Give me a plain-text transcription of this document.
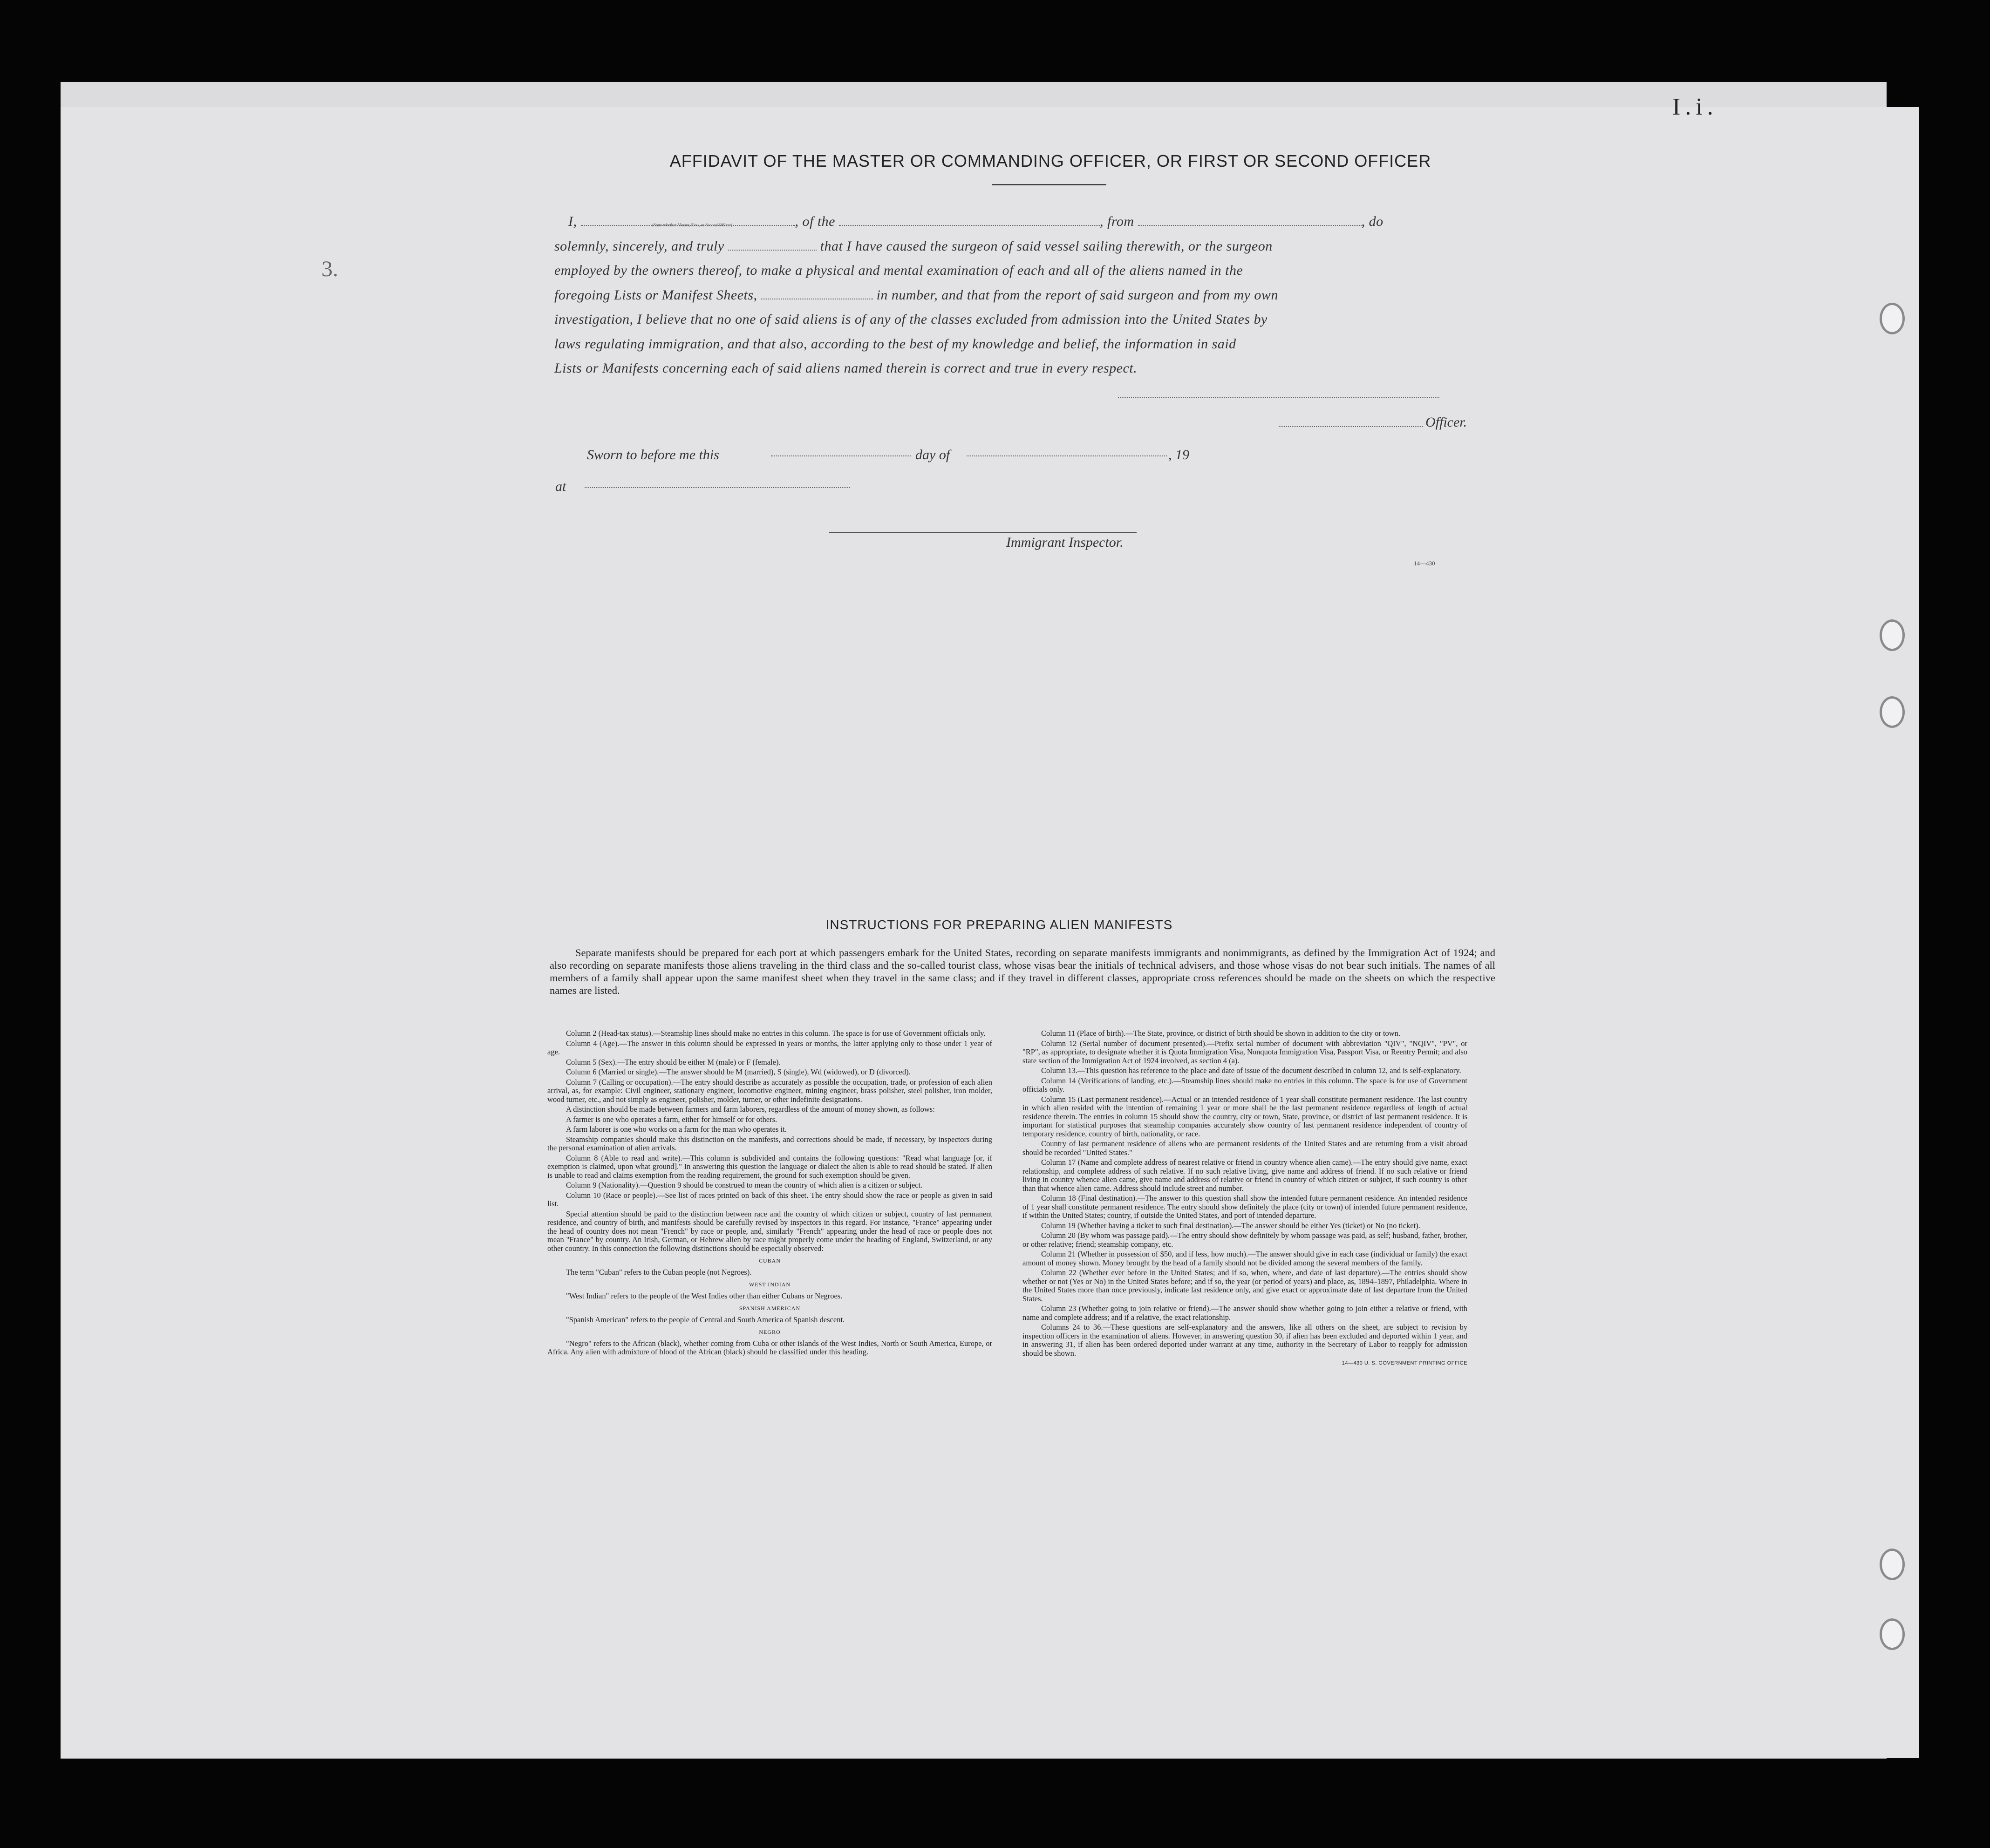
I.i.
3.
AFFIDAVIT OF THE MASTER OR COMMANDING OFFICER, OR FIRST OR SECOND OFFICER
I,	, of the	, from	, do
solemnly, sincerely, and truly	that I have caused the surgeon of said vessel sailing therewith, or the surgeon
employed by the owners thereof, to make a physical and mental examination of each and all of the aliens named in the
foregoing Lists or Manifest Sheets,	in number, and that from the report of said surgeon and from my own
investigation, I believe that no one of said aliens is of any of the classes excluded from admission into the United States by
laws regulating immigration, and that also, according to the best of my knowledge and belief, the information in said
Lists or Manifests concerning each of said aliens named therein is correct and true in every respect.
(State whether Master, First, or Second Officer)
Officer.
Sworn to before me this	day of	, 19
at
Immigrant Inspector.
14—430
INSTRUCTIONS FOR PREPARING ALIEN MANIFESTS

Separate manifests should be prepared for each port at which passengers embark for the United States, recording on separate manifests immigrants and nonimmigrants, as defined by the Immigration Act of 1924; and also recording on separate manifests those aliens traveling in the third class and the so-called tourist class, whose visas bear the initials of technical advisers, and those whose visas do not bear such initials. The names of all members of a family shall appear upon the same manifest sheet when they travel in the same class; and if they travel in different classes, appropriate cross references should be made on the sheets on which the respective names are listed.

Column 2 (Head-tax status).—Steamship lines should make no entries in this column. The space is for use of Government officials only.

Column 4 (Age).—The answer in this column should be expressed in years or months, the latter applying only to those under 1 year of age.

Column 5 (Sex).—The entry should be either M (male) or F (female).

Column 6 (Married or single).—The answer should be M (married), S (single), Wd (widowed), or D (divorced).

Column 7 (Calling or occupation).—The entry should describe as accurately as possible the occupation, trade, or profession of each alien arrival, as, for example: Civil engineer, stationary engineer, locomotive engineer, mining engineer, brass polisher, steel polisher, iron molder, wood turner, etc., and not simply as engineer, polisher, molder, turner, or other indefinite designations.

A distinction should be made between farmers and farm laborers, regardless of the amount of money shown, as follows:

A farmer is one who operates a farm, either for himself or for others.

A farm laborer is one who works on a farm for the man who operates it.

Steamship companies should make this distinction on the manifests, and corrections should be made, if necessary, by inspectors during the personal examination of alien arrivals.

Column 8 (Able to read and write).—This column is subdivided and contains the following questions: "Read what language [or, if exemption is claimed, upon what ground]." In answering this question the language or dialect the alien is able to read should be stated. If alien is unable to read and claims exemption from the reading requirement, the ground for such exemption should be given.

Column 9 (Nationality).—Question 9 should be construed to mean the country of which alien is a citizen or subject.

Column 10 (Race or people).—See list of races printed on back of this sheet. The entry should show the race or people as given in said list.

Special attention should be paid to the distinction between race and the country of which citizen or subject, country of last permanent residence, and country of birth, and manifests should be carefully revised by inspectors in this regard. For instance, "France" appearing under the head of country does not mean "French" by race or people, and, similarly "French" appearing under the head of race or people does not mean "France" by country. An Irish, German, or Hebrew alien by race might properly come under the heading of England, Switzerland, or any other country. In this connection the following distinctions should be especially observed:

CUBAN

The term "Cuban" refers to the Cuban people (not Negroes).

WEST INDIAN

"West Indian" refers to the people of the West Indies other than either Cubans or Negroes.

SPANISH AMERICAN

"Spanish American" refers to the people of Central and South America of Spanish descent.

NEGRO

"Negro" refers to the African (black), whether coming from Cuba or other islands of the West Indies, North or South America, Europe, or Africa. Any alien with admixture of blood of the African (black) should be classified under this heading.

Column 11 (Place of birth).—The State, province, or district of birth should be shown in addition to the city or town.

Column 12 (Serial number of document presented).—Prefix serial number of document with abbreviation "QIV", "NQIV", "PV", or "RP", as appropriate, to designate whether it is Quota Immigration Visa, Nonquota Immigration Visa, Passport Visa, or Reentry Permit; and also state section of the Immigration Act of 1924 involved, as section 4 (a).

Column 13.—This question has reference to the place and date of issue of the document described in column 12, and is self-explanatory.

Column 14 (Verifications of landing, etc.).—Steamship lines should make no entries in this column. The space is for use of Government officials only.

Column 15 (Last permanent residence).—Actual or an intended residence of 1 year shall constitute permanent residence. The last country in which alien resided with the intention of remaining 1 year or more shall be the last permanent residence regardless of length of actual residence therein. The entries in column 15 should show the country, city or town, State, province, or district of last permanent residence. It is important for statistical purposes that steamship companies accurately show country of last permanent residence independent of country of temporary residence, country of birth, nationality, or race.

Country of last permanent residence of aliens who are permanent residents of the United States and are returning from a visit abroad should be recorded "United States."

Column 17 (Name and complete address of nearest relative or friend in country whence alien came).—The entry should give name, exact relationship, and complete address of such relative. If no such relative living, give name and address of friend. If no such relative or friend living in country whence alien came, give name and address of relative or friend in country of which citizen or subject, if such country is other than that whence alien came. Address should include street and number.

Column 18 (Final destination).—The answer to this question shall show the intended future permanent residence. An intended residence of 1 year shall constitute permanent residence. The entry should show definitely the place (city or town) of intended future permanent residence, if within the United States; country, if outside the United States, and port of intended departure.

Column 19 (Whether having a ticket to such final destination).—The answer should be either Yes (ticket) or No (no ticket).

Column 20 (By whom was passage paid).—The entry should show definitely by whom passage was paid, as self; husband, father, brother, or other relative; friend; steamship company, etc.

Column 21 (Whether in possession of $50, and if less, how much).—The answer should give in each case (individual or family) the exact amount of money shown. Money brought by the head of a family should not be divided among the several members of the family.

Column 22 (Whether ever before in the United States; and if so, when, where, and date of last departure).—The entries should show whether or not (Yes or No) in the United States before; and if so, the year (or period of years) and place, as, 1894–1897, Philadelphia. Where in the United States more than once previously, indicate last residence only, and give exact or approximate date of last departure from the United States.

Column 23 (Whether going to join relative or friend).—The answer should show whether going to join either a relative or friend, with name and complete address; and if a relative, the exact relationship.

Columns 24 to 36.—These questions are self-explanatory and the answers, like all others on the sheet, are subject to revision by inspection officers in the examination of aliens. However, in answering question 30, if alien has been excluded and deported within 1 year, and in answering 31, if alien has been ordered deported under warrant at any time, authority in the Secretary of Labor to reapply for admission should be shown.

14—430 U. S. GOVERNMENT PRINTING OFFICE
